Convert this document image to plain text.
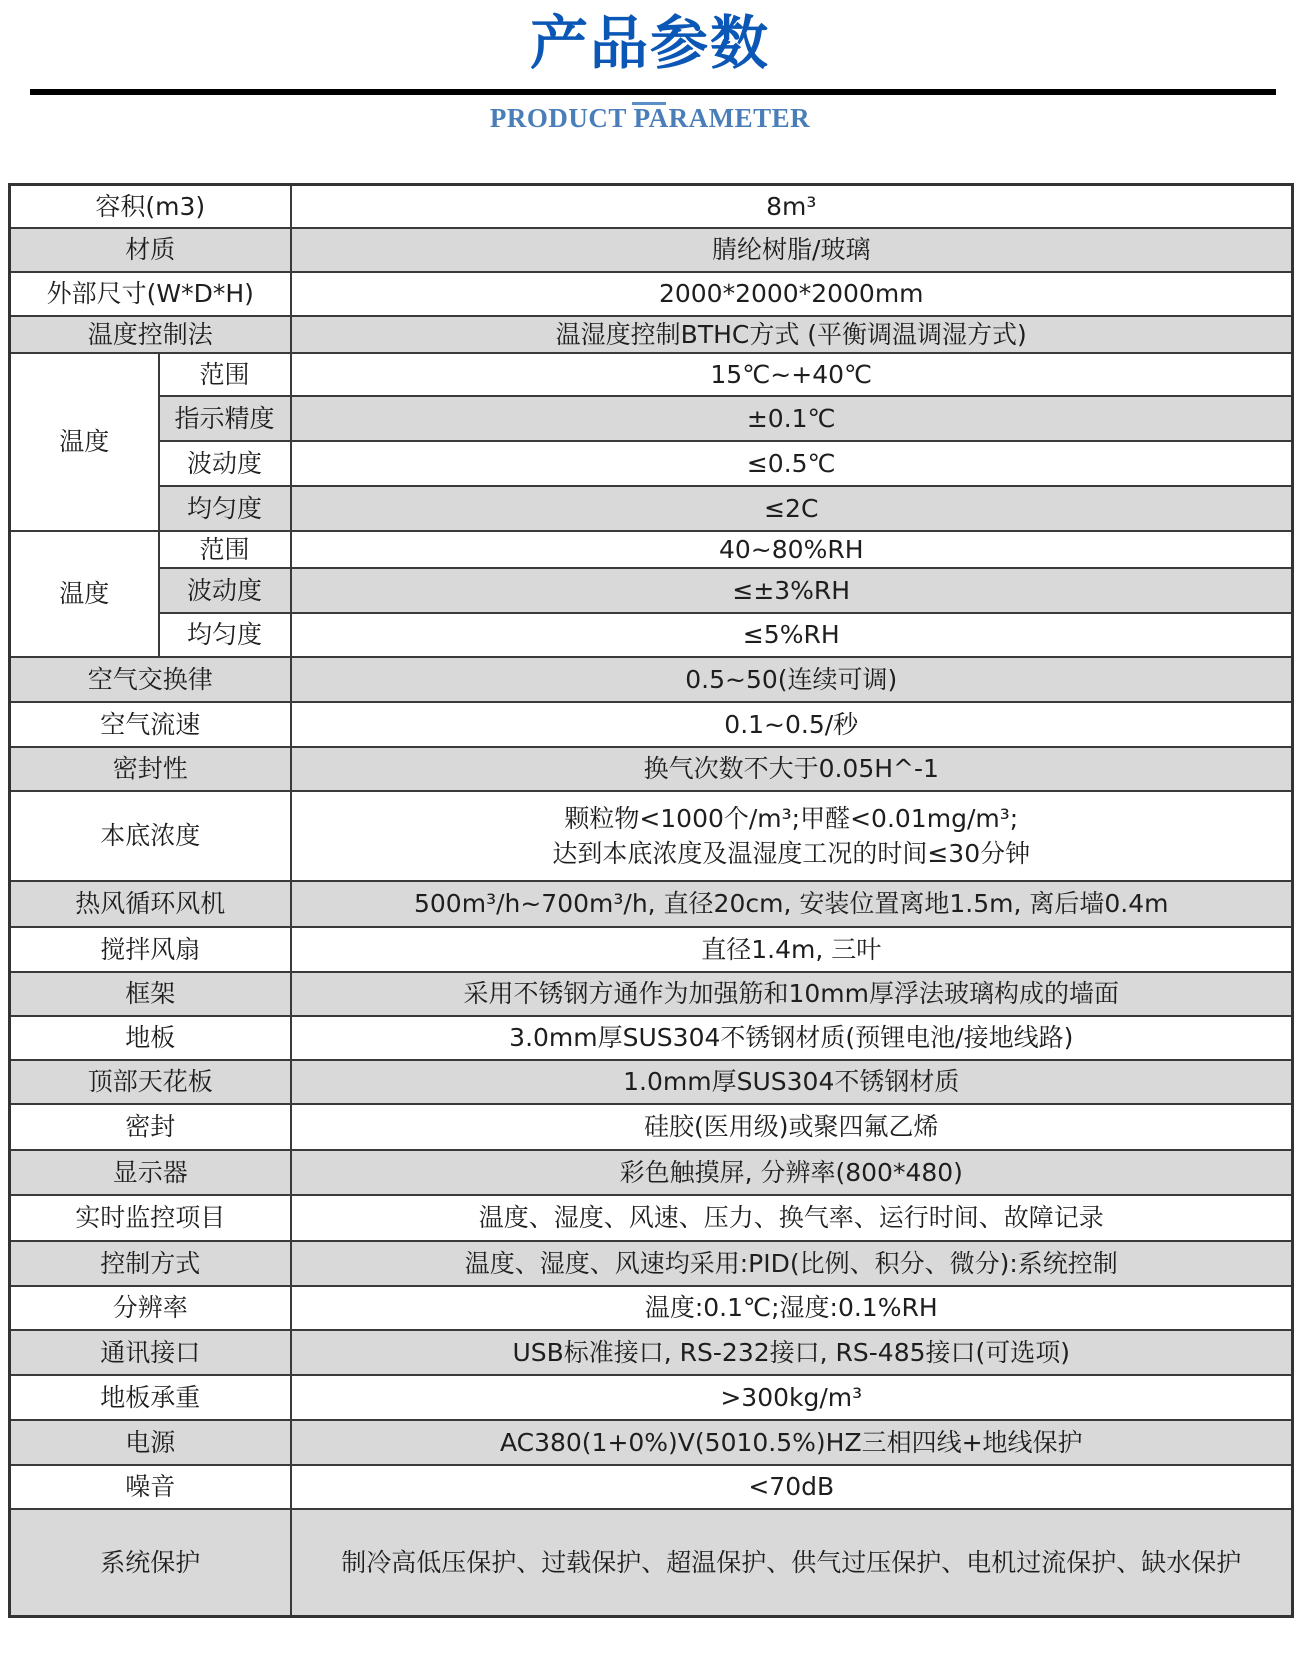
产品参数
PRODUCT PARAMETER
容积(m3)		8m³
材质		腈纶树脂/玻璃
外部尺寸(W*D*H)		2000*2000*2000mm
温度控制法		温湿度控制BTHC方式 (平衡调温调湿方式)
温度	范围	15℃~+40℃
	指示精度	±0.1℃
	波动度	≤0.5℃
	均匀度	≤2C
温度	范围	40~80%RH
	波动度	≤±3%RH
	均匀度	≤5%RH
空气交换律		0.5~50(连续可调)
空气流速		0.1~0.5/秒
密封性		换气次数不大于0.05H^-1
本底浓度		颗粒物<1000个/m³;甲醛<0.01mg/m³;
达到本底浓度及温湿度工况的时间≤30分钟

热风循环风机		500m³/h~700m³/h, 直径20cm, 安装位置离地1.5m, 离后墙0.4m
搅拌风扇		直径1.4m, 三叶
框架		采用不锈钢方通作为加强筋和10mm厚浮法玻璃构成的墙面
地板		3.0mm厚SUS304不锈钢材质(预锂电池/接地线路)
顶部天花板		1.0mm厚SUS304不锈钢材质
密封		硅胶(医用级)或聚四氟乙烯
显示器		彩色触摸屏, 分辨率(800*480)
实时监控项目		温度、湿度、风速、压力、换气率、运行时间、故障记录
控制方式		温度、湿度、风速均采用:PID(比例、积分、微分):系统控制
分辨率		温度:0.1℃;湿度:0.1%RH
通讯接口		USB标准接口, RS-232接口, RS-485接口(可选项)
地板承重		>300kg/m³
电源		AC380(1+0%)V(5010.5%)HZ三相四线+地线保护
噪音		<70dB
系统保护		制冷高低压保护、过载保护、超温保护、供气过压保护、电机过流保护、缺水保护
